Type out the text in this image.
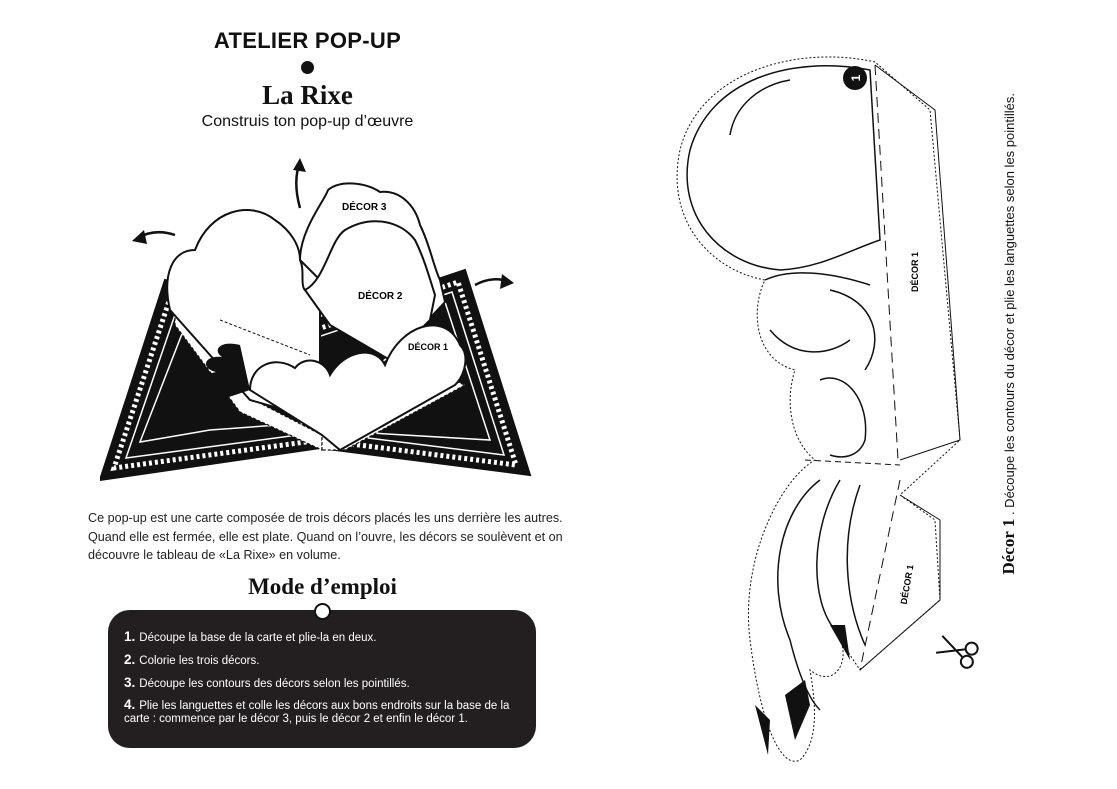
ATELIER POP-UP
La Rixe
Construis ton pop-up d’œuvre
DÉCOR 3
DÉCOR 2
DÉCOR 1
Ce pop-up est une carte composée de trois décors placés les uns derrière les autres. Quand elle est fermée, elle est plate. Quand on l’ouvre, les décors se soulèvent et on découvre le tableau de «La Rixe» en volume.
Mode d’emploi
1. Découpe la base de la carte et plie-la en deux.
2. Colorie les trois décors.
3. Découpe les contours des décors selon les pointillés.
4. Plie les languettes et colle les décors aux bons endroits sur la base de la carte : commence par le décor 3, puis le décor 2 et enfin le décor 1.
1
DÉCOR 1
DÉCOR 1
Décor 1 . Découpe les contours du décor et plie les languettes selon les pointillés.
